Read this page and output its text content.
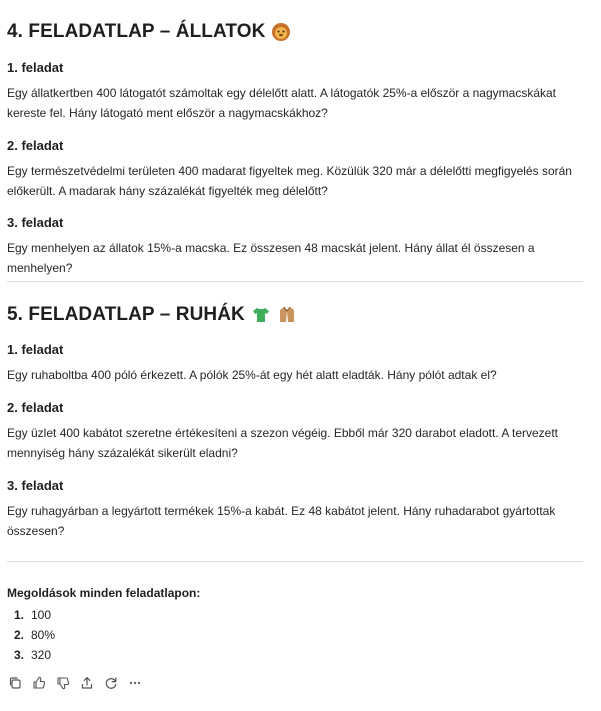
4. FELADATLAP – ÁLLATOK
1. feladat

Egy állatkertben 400 látogatót számoltak egy délelőtt alatt. A látogatók 25%-a először a nagymacskákat

kereste fel. Hány látogató ment először a nagymacskákhoz?

2. feladat

Egy természetvédelmi területen 400 madarat figyeltek meg. Közülük 320 már a délelőtti megfigyelés során

előkerült. A madarak hány százalékát figyelték meg délelőtt?

3. feladat

Egy menhelyen az állatok 15%-a macska. Ez összesen 48 macskát jelent. Hány állat él összesen a menhelyen?

5. FELADATLAP – RUHÁK
1. feladat

Egy ruhaboltba 400 póló érkezett. A pólók 25%-át egy hét alatt eladták. Hány pólót adtak el?

2. feladat

Egy üzlet 400 kabátot szeretne értékesíteni a szezon végéig. Ebből már 320 darabot eladott. A tervezett

mennyiség hány százalékát sikerült eladni?

3. feladat

Egy ruhagyárban a legyártott termékek 15%-a kabát. Ez 48 kabátot jelent. Hány ruhadarabot gyártottak

összesen?

Megoldások minden feladatlapon:
1. 100
2. 80%
3. 320
